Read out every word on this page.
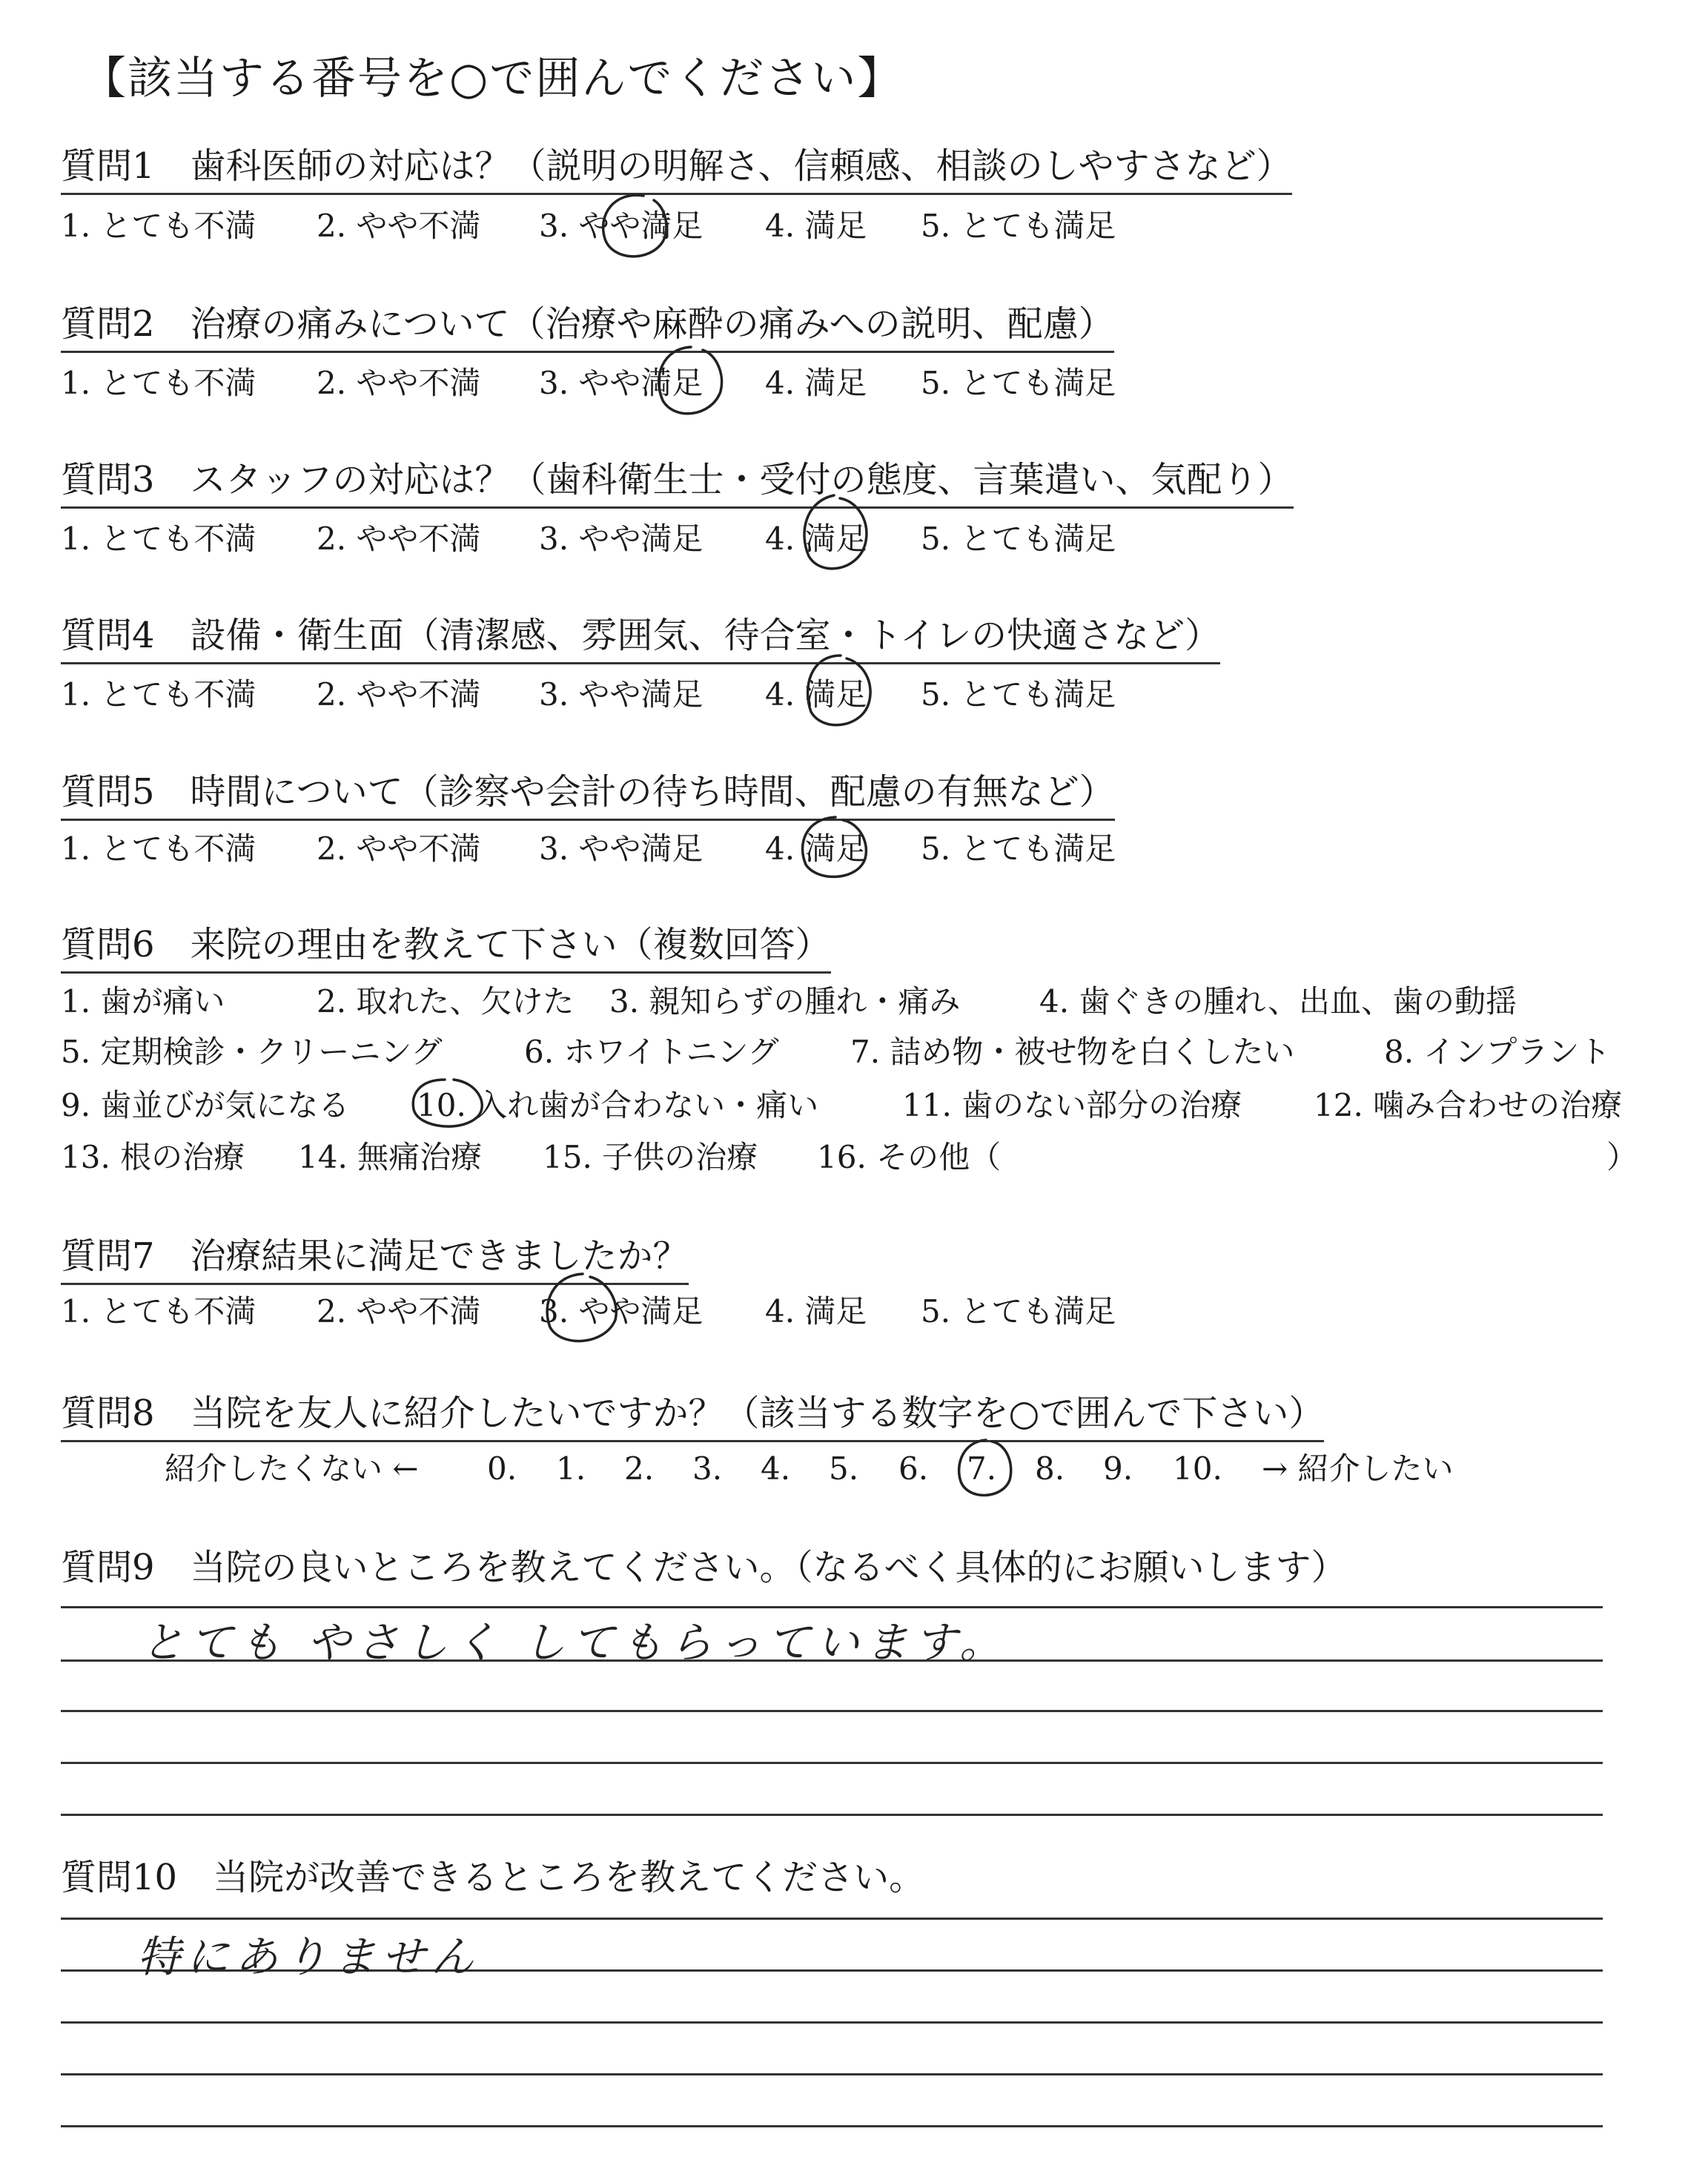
【該当する番号を○で囲んでください】
質問1　歯科医師の対応は？（説明の明解さ、信頼感、相談のしやすさなど）
1. とても不満 2. やや不満 3. やや満足 4. 満足 5. とても満足
質問2　治療の痛みについて（治療や麻酔の痛みへの説明、配慮）
1. とても不満 2. やや不満 3. やや満足 4. 満足 5. とても満足
質問3　スタッフの対応は？（歯科衛生士・受付の態度、言葉遣い、気配り）
1. とても不満 2. やや不満 3. やや満足 4. 満足 5. とても満足
質問4　設備・衛生面（清潔感、雰囲気、待合室・トイレの快適さなど）
1. とても不満 2. やや不満 3. やや満足 4. 満足 5. とても満足
質問5　時間について（診察や会計の待ち時間、配慮の有無など）
1. とても不満 2. やや不満 3. やや満足 4. 満足 5. とても満足
質問6　来院の理由を教えて下さい（複数回答）
1. 歯が痛い	2. 取れた、欠けた 3. 親知らずの腫れ・痛み	4. 歯ぐきの腫れ、出血、歯の動揺
5. 定期検診・クリーニング	6. ホワイトニング 7. 詰め物・被せ物を白くしたい	8. インプラント
9. 歯並びが気になる 10. 入れ歯が合わない・痛い	11. 歯のない部分の治療 12. 噛み合わせの治療
13. 根の治療 14. 無痛治療 15. 子供の治療 16. その他（	）
質問7　治療結果に満足できましたか？
1. とても不満 2. やや不満 3. やや満足 4. 満足 5. とても満足
質問8　当院を友人に紹介したいですか？（該当する数字を○で囲んで下さい）
紹介したくない ← 0. 1. 2. 3. 4. 5. 6. 7. 8. 9. 10. → 紹介したい
質問9　当院の良いところを教えてください。（なるべく具体的にお願いします）
とても やさしく してもらっています。
質問10　当院が改善できるところを教えてください。
特にありません
